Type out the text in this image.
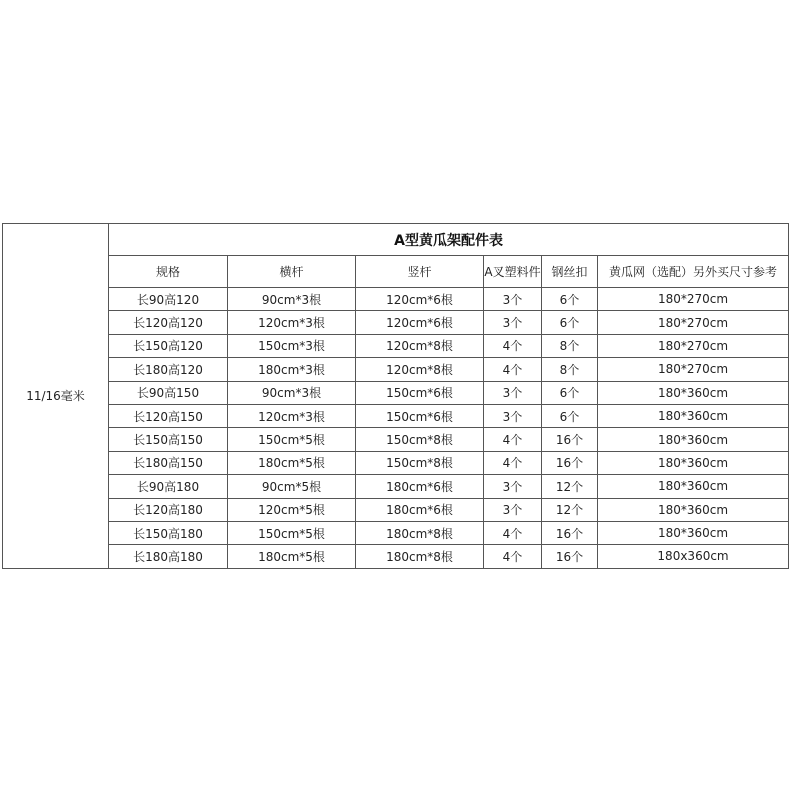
11/16毫米	A型黄瓜架配件表					
	规格	横杆	竖杆	A叉塑料件	钢丝扣	黄瓜网（选配）另外买尺寸参考
	长90高120	90cm*3根	120cm*6根	3个	6个	180*270cm
	长120高120	120cm*3根	120cm*6根	3个	6个	180*270cm
	长150高120	150cm*3根	120cm*8根	4个	8个	180*270cm
	长180高120	180cm*3根	120cm*8根	4个	8个	180*270cm
	长90高150	90cm*3根	150cm*6根	3个	6个	180*360cm
	长120高150	120cm*3根	150cm*6根	3个	6个	180*360cm
	长150高150	150cm*5根	150cm*8根	4个	16个	180*360cm
	长180高150	180cm*5根	150cm*8根	4个	16个	180*360cm
	长90高180	90cm*5根	180cm*6根	3个	12个	180*360cm
	长120高180	120cm*5根	180cm*6根	3个	12个	180*360cm
	长150高180	150cm*5根	180cm*8根	4个	16个	180*360cm
	长180高180	180cm*5根	180cm*8根	4个	16个	180x360cm
